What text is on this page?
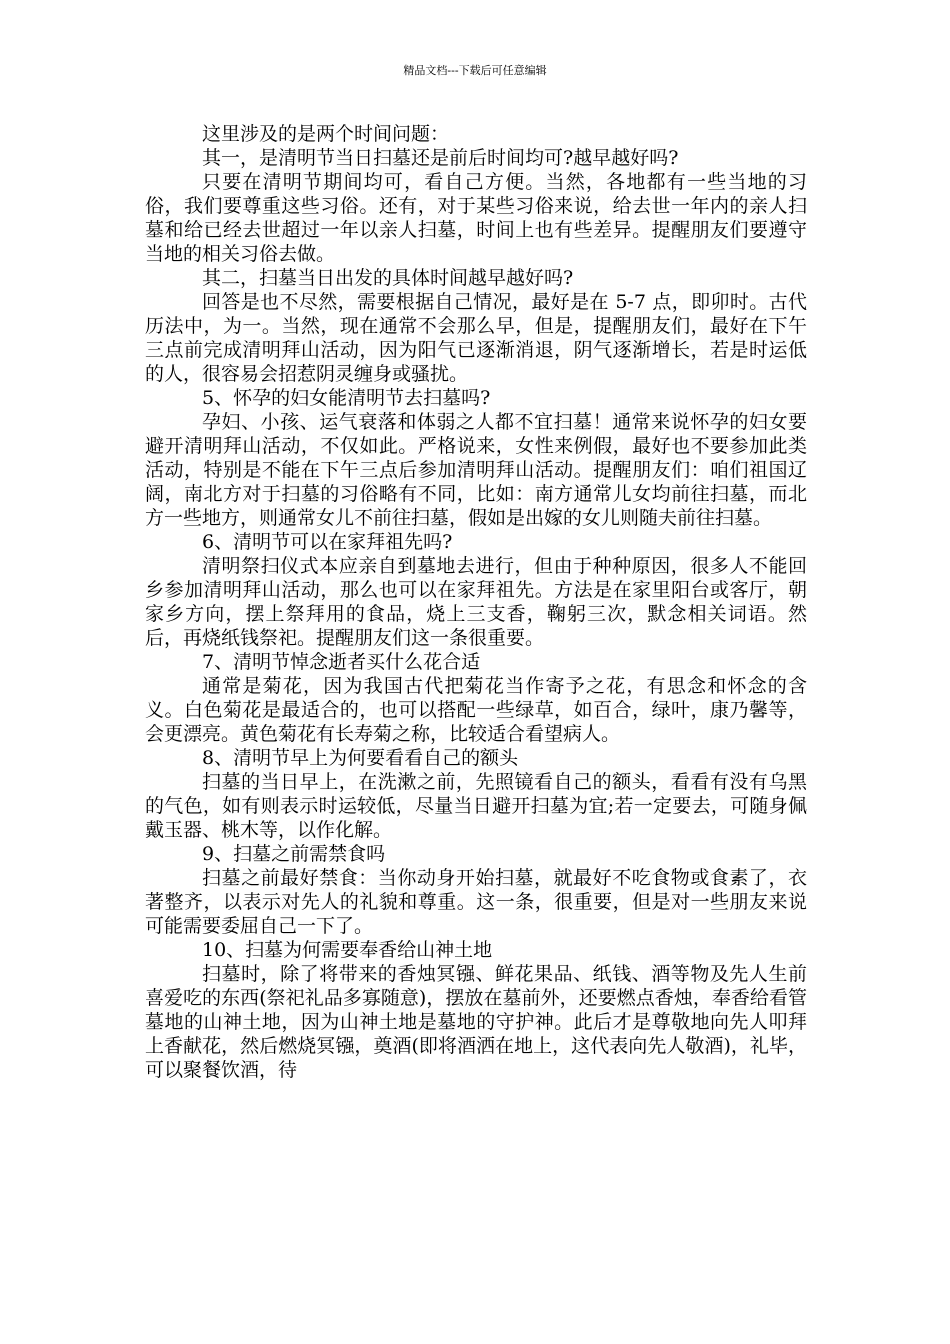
精品文档---下载后可任意编辑

这里涉及的是两个时间问题：

其一，是清明节当日扫墓还是前后时间均可?越早越好吗?

只要在清明节期间均可，看自己方便。当然，各地都有一些当地的习俗，我们要尊重这些习俗。还有，对于某些习俗来说，给去世一年内的亲人扫墓和给已经去世超过一年以亲人扫墓，时间上也有些差异。提醒朋友们要遵守当地的相关习俗去做。

其二，扫墓当日出发的具体时间越早越好吗?

回答是也不尽然，需要根据自己情况，最好是在 5-7 点，即卯时。古代历法中，为一。当然，现在通常不会那么早，但是，提醒朋友们，最好在下午三点前完成清明拜山活动，因为阳气已逐渐消退，阴气逐渐增长，若是时运低的人，很容易会招惹阴灵缠身或骚扰。

5、怀孕的妇女能清明节去扫墓吗?

孕妇、小孩、运气衰落和体弱之人都不宜扫墓！通常来说怀孕的妇女要避开清明拜山活动，不仅如此。严格说来，女性来例假，最好也不要参加此类活动，特别是不能在下午三点后参加清明拜山活动。提醒朋友们：咱们祖国辽阔，南北方对于扫墓的习俗略有不同，比如：南方通常儿女均前往扫墓，而北方一些地方，则通常女儿不前往扫墓，假如是出嫁的女儿则随夫前往扫墓。

6、清明节可以在家拜祖先吗?

清明祭扫仪式本应亲自到墓地去进行，但由于种种原因，很多人不能回乡参加清明拜山活动，那么也可以在家拜祖先。方法是在家里阳台或客厅，朝家乡方向，摆上祭拜用的食品，烧上三支香，鞠躬三次，默念相关词语。然后，再烧纸钱祭祀。提醒朋友们这一条很重要。

7、清明节悼念逝者买什么花合适

通常是菊花，因为我国古代把菊花当作寄予之花，有思念和怀念的含义。白色菊花是最适合的，也可以搭配一些绿草，如百合，绿叶，康乃馨等，会更漂亮。黄色菊花有长寿菊之称，比较适合看望病人。

8、清明节早上为何要看看自己的额头

扫墓的当日早上，在洗漱之前，先照镜看自己的额头，看看有没有乌黑的气色，如有则表示时运较低，尽量当日避开扫墓为宜;若一定要去，可随身佩戴玉器、桃木等，以作化解。

9、扫墓之前需禁食吗

扫墓之前最好禁食：当你动身开始扫墓，就最好不吃食物或食素了，衣著整齐，以表示对先人的礼貌和尊重。这一条，很重要，但是对一些朋友来说可能需要委屈自己一下了。

10、扫墓为何需要奉香给山神土地

扫墓时，除了将带来的香烛冥镪、鲜花果品、纸钱、酒等物及先人生前喜爱吃的东西(祭祀礼品多寡随意)，摆放在墓前外，还要燃点香烛，奉香给看管墓地的山神土地，因为山神土地是墓地的守护神。此后才是尊敬地向先人叩拜上香献花，然后燃烧冥镪，奠酒(即将酒洒在地上，这代表向先人敬酒)，礼毕，可以聚餐饮酒，待
